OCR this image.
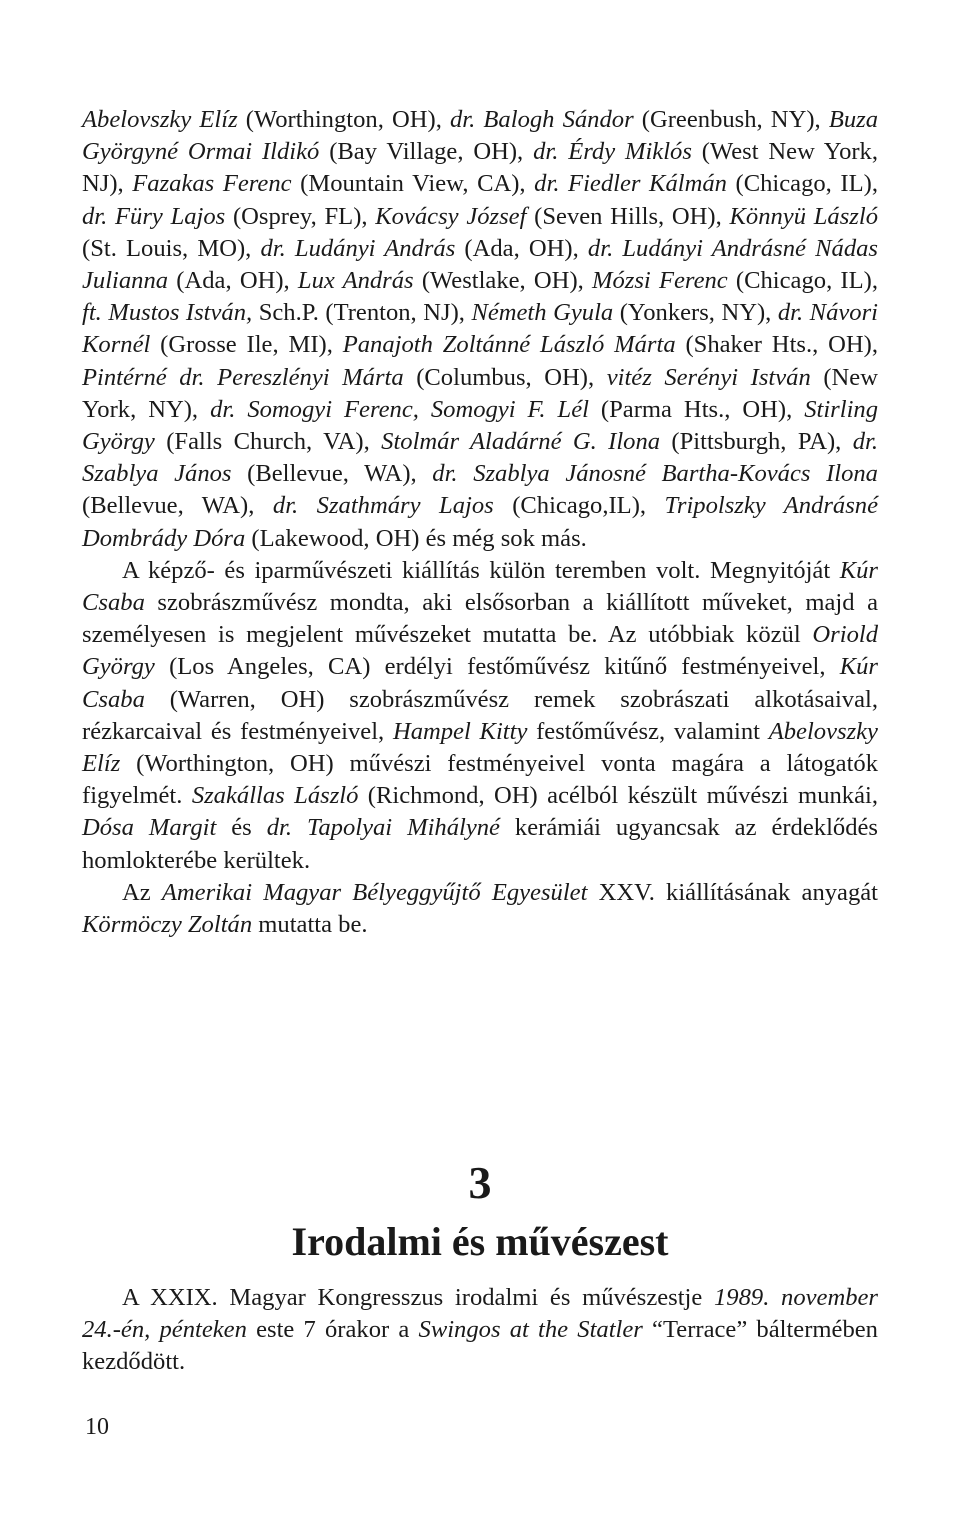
Abelovszky Elíz (Worthington, OH), dr. Balogh Sándor (Greenbush, NY), Buza Györgyné Ormai Ildikó (Bay Village, OH), dr. Érdy Miklós (West New York, NJ), Fazakas Ferenc (Mountain View, CA), dr. Fiedler Kálmán (Chicago, IL), dr. Füry Lajos (Osprey, FL), Kovácsy József (Seven Hills, OH), Könnyü László (St. Louis, MO), dr. Ludányi András (Ada, OH), dr. Ludányi Andrásné Nádas Julianna (Ada, OH), Lux András (Westlake, OH), Mózsi Ferenc (Chicago, IL), ft. Mustos István, Sch.P. (Trenton, NJ), Németh Gyula (Yonkers, NY), dr. Návori Kornél (Grosse Ile, MI), Panajoth Zoltánné László Márta (Shaker Hts., OH), Pintérné dr. Pereszlényi Márta (Columbus, OH), vitéz Serényi István (New York, NY), dr. Somogyi Ferenc, Somogyi F. Lél (Parma Hts., OH), Stirling György (Falls Church, VA), Stolmár Aladárné G. Ilona (Pittsburgh, PA), dr. Szablya János (Bellevue, WA), dr. Szablya Jánosné Bartha-Kovács Ilona (Bellevue, WA), dr. Szathmáry Lajos (Chicago,IL), Tripolszky Andrásné Dombrády Dóra (Lakewood, OH) és még sok más.

A képző- és iparművészeti kiállítás külön teremben volt. Megnyitóját Kúr Csaba szobrászművész mondta, aki elsősorban a kiállított műveket, majd a személyesen is megjelent művészeket mutatta be. Az utóbbiak közül Oriold György (Los Angeles, CA) erdélyi festőművész kitűnő festményeivel, Kúr Csaba (Warren, OH) szobrászművész remek szobrászati alkotásaival, rézkarcaival és festményeivel, Hampel Kitty festőművész, valamint Abelovszky Elíz (Worthington, OH) művészi festményeivel vonta magára a látogatók figyelmét. Szakállas László (Richmond, OH) acélból készült művészi munkái, Dósa Margit és dr. Tapolyai Mihályné kerámiái ugyancsak az érdeklődés homlokterébe kerültek.

Az Amerikai Magyar Bélyeggyűjtő Egyesület XXV. kiállításának anyagát Körmöczy Zoltán mutatta be.

3
Irodalmi és művészest

A XXIX. Magyar Kongresszus irodalmi és művészestje 1989. november 24.-én, pénteken este 7 órakor a Swingos at the Statler “Terrace” báltermében kezdődött.

10
